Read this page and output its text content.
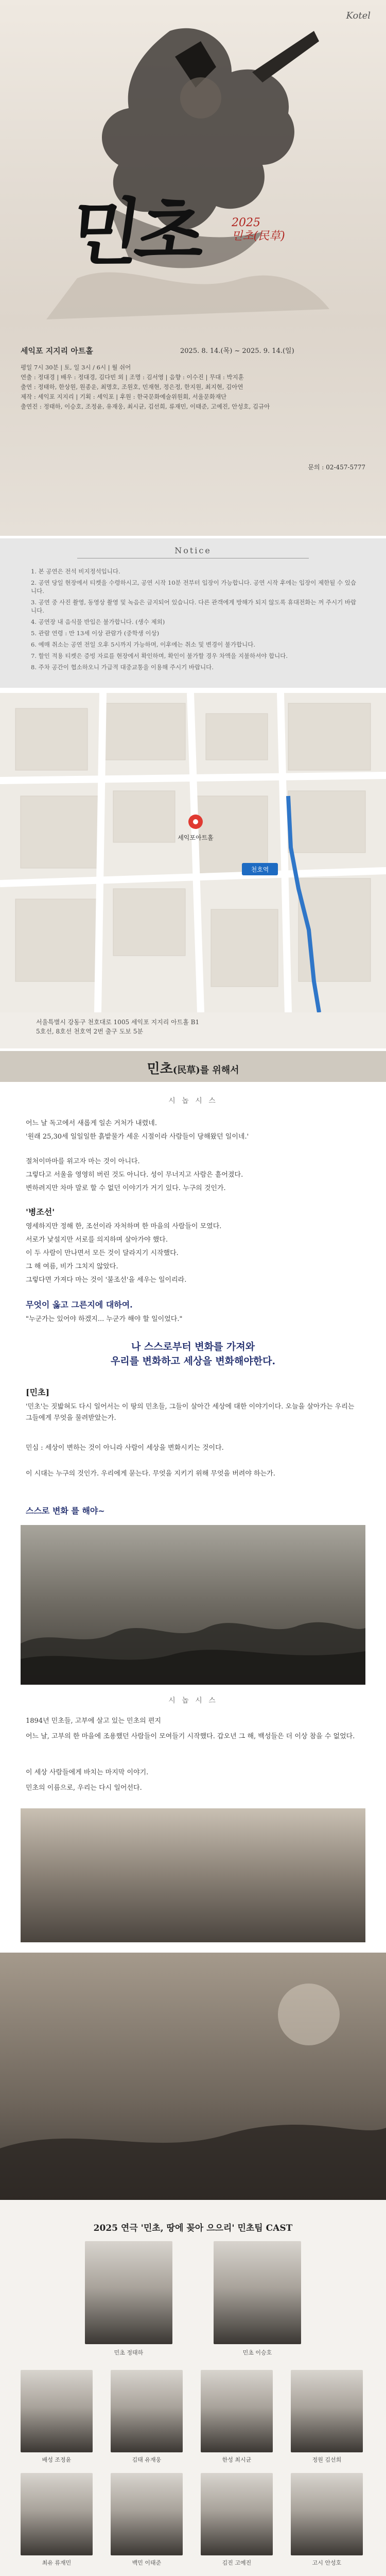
Kotel
민초 2025
민초(民草)
세익포 지지리 아트홀	2025. 8. 14.(목) ~ 2025. 9. 14.(일)

평일 7시 30분 | 토, 일 3시 / 6시 | 월 쉬어

연출 : 정대경 | 배우 : 정대경, 김다빈 외 | 조명 : 김서영 | 음향 : 이수진 | 무대 : 박지훈

출연 : 정태하, 한상원, 원종운, 최명호, 조원호, 민재현, 정은정, 한지원, 최지현, 김아연

제작 : 세익포 지지리 | 기획 : 세익포 | 후원 : 한국문화예술위원회, 서울문화재단

출연진 : 정태하, 이승호, 조정윤, 유재웅, 최시균, 김선희, 류재민, 이태준, 고예진, 안성호, 김규아

문의 : 02-457-5777
Notice

1. 본 공연은 전석 비지정석입니다.

2. 공연 당일 현장에서 티켓을 수령하시고, 공연 시작 10분 전부터 입장이 가능합니다. 공연 시작 후에는 입장이 제한될 수 있습니다.

3. 공연 중 사진 촬영, 동영상 촬영 및 녹음은 금지되어 있습니다. 다른 관객에게 방해가 되지 않도록 휴대전화는 꺼 주시기 바랍니다.

4. 공연장 내 음식물 반입은 불가합니다. (생수 제외)

5. 관람 연령 : 만 13세 이상 관람가 (중학생 이상)

6. 예매 취소는 공연 전일 오후 5시까지 가능하며, 이후에는 취소 및 변경이 불가합니다.

7. 할인 적용 티켓은 증빙 자료를 현장에서 확인하며, 확인이 불가할 경우 차액을 지불하셔야 합니다.

8. 주차 공간이 협소하오니 가급적 대중교통을 이용해 주시기 바랍니다.

천호역
세익포아트홀
서울특별시 강동구 천호대로 1005 세익포 지지리 아트홀 B1
5호선, 8호선 천호역 2번 출구 도보 5분
민초(民草)를 위해서
시 놉 시 스

어느 날 독고에서 새롭게 일손 거처가 내렸네.

'원래 25,30세 일일일한 흙밭물가 세운 시절이라 사람들이 당해왔던 일이네.'

절처이마마를 위고자 마는 것이 아니다.

그렇다고 서울을 영영히 버린 것도 아니다. 성이 무너지고 사람은 흩어졌다.

변하려지만 차마 말로 할 수 없던 이야기가 거기 있다. 누구의 것인가.

'병조선'

영세하지만 정해 한, 조선이라 자처하며 한 마을의 사람들이 모였다.

서로가 낯설지만 서로를 의지하며 살아가야 했다.

이 두 사람이 만나면서 모든 것이 달라지기 시작했다.

그 해 여름, 비가 그치지 않았다.

그렇다면 가져다 마는 것이 '불조선'을 세우는 일이리라.

무엇이 옳고 그른지에 대하여.

"누군가는 있어야 하겠지... 누군가 해야 할 일이었다."

나 스스로부터 변화를 가져와
우리를 변화하고 세상을 변화해야한다.
[민초]

'민초'는 짓밟혀도 다시 일어서는 이 땅의 민초들, 그들이 살아간 세상에 대한 이야기이다. 오늘을 살아가는 우리는 그들에게 무엇을 물려받았는가.

민심 : 세상이 변하는 것이 아니라 사람이 세상을 변화시키는 것이다.

이 시대는 누구의 것인가. 우리에게 묻는다. 무엇을 지키기 위해 무엇을 버려야 하는가.

스스로 변화 를 해야~
시 놉 시 스

1894년 민초들, 고부에 살고 있는 민초의 편지

어느 날, 고부의 한 마을에 조용했던 사람들이 모여들기 시작했다. 갑오년 그 해, 백성들은 더 이상 참을 수 없었다.

이 세상 사람들에게 바치는 마지막 이야기.

민초의 이름으로, 우리는 다시 일어선다.

2025 연극 '민초, 땅에 꽂아 으으리' 민초팀 CAST
민초 정태하	민초 이승호
배성 조정윤	김태 유재웅	한성 최시균	정원 김선희
최유 류재민	백민 이태준	김진 고예진	고시 안성호
